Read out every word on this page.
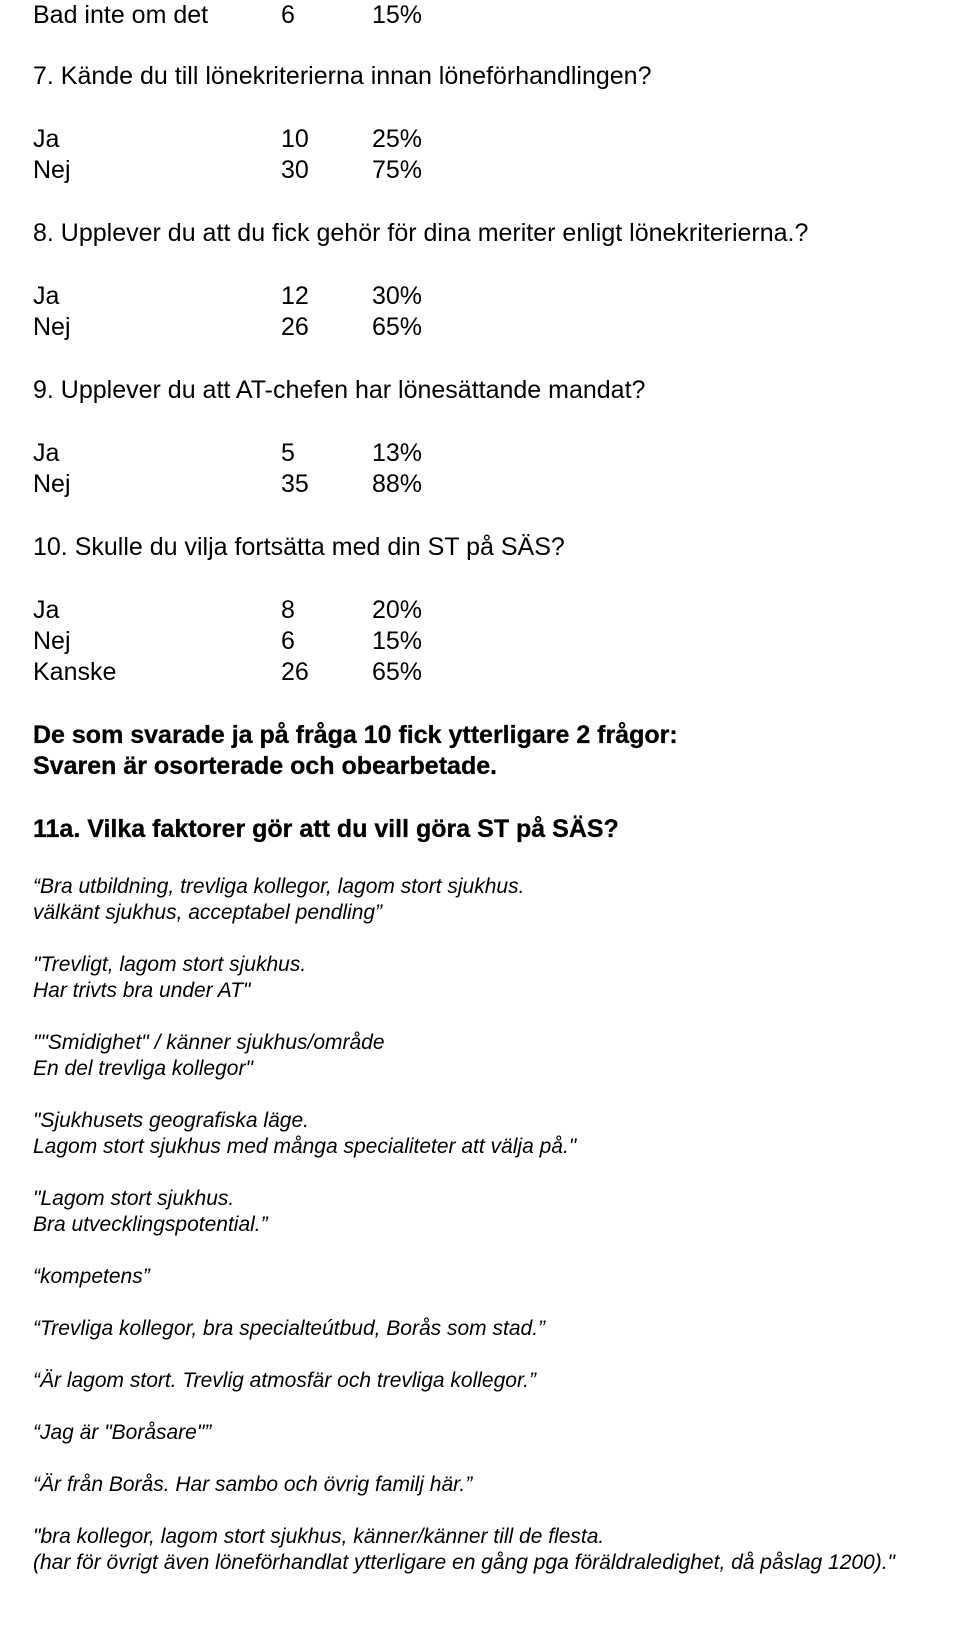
Bad inte om det	6	15%
7. Kände du till lönekriterierna innan löneförhandlingen?
Ja	10	25%
Nej	30	75%
8. Upplever du att du fick gehör för dina meriter enligt lönekriterierna.?
Ja	12	30%
Nej	26	65%
9. Upplever du att AT-chefen har lönesättande mandat?
Ja	5	13%
Nej	35	88%
10. Skulle du vilja fortsätta med din ST på SÄS?
Ja	8	20%
Nej	6	15%
Kanske	26	65%
De som svarade ja på fråga 10 fick ytterligare 2 frågor:
Svaren är osorterade och obearbetade.
11a. Vilka faktorer gör att du vill göra ST på SÄS?
“Bra utbildning, trevliga kollegor, lagom stort sjukhus.
välkänt sjukhus, acceptabel pendling”
"Trevligt, lagom stort sjukhus.
Har trivts bra under AT"
""Smidighet" / känner sjukhus/område
En del trevliga kollegor"
"Sjukhusets geografiska läge.
Lagom stort sjukhus med många specialiteter att välja på."
"Lagom stort sjukhus.
Bra utvecklingspotential.”
“kompetens”
“Trevliga kollegor, bra specialteútbud, Borås som stad.”
“Är lagom stort. Trevlig atmosfär och trevliga kollegor.”
“Jag är "Boråsare"”
“Är från Borås. Har sambo och övrig familj här.”
"bra kollegor, lagom stort sjukhus, känner/känner till de flesta.
(har för övrigt även löneförhandlat ytterligare en gång pga föräldraledighet, då påslag 1200)."
